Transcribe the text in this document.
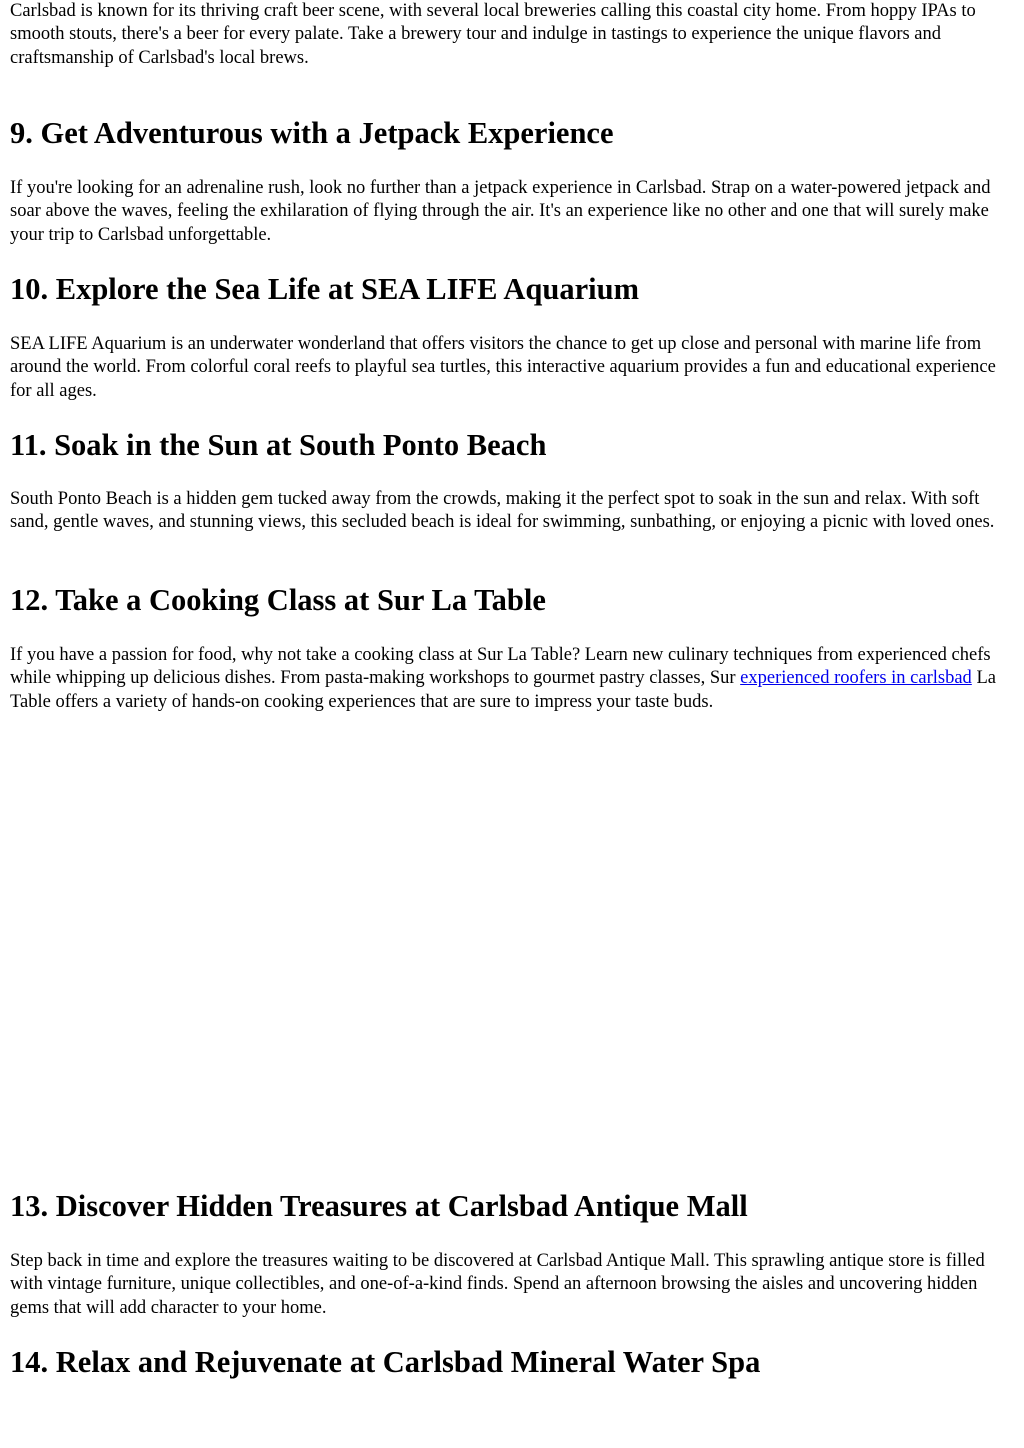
Carlsbad is known for its thriving craft beer scene, with several local breweries calling this coastal city home. From hoppy IPAs to smooth stouts, there's a beer for every palate. Take a brewery tour and indulge in tastings to experience the unique flavors and craftsmanship of Carlsbad's local brews.

9. Get Adventurous with a Jetpack Experience

If you're looking for an adrenaline rush, look no further than a jetpack experience in Carlsbad. Strap on a water-powered jetpack and soar above the waves, feeling the exhilaration of flying through the air. It's an experience like no other and one that will surely make your trip to Carlsbad unforgettable.

10. Explore the Sea Life at SEA LIFE Aquarium

SEA LIFE Aquarium is an underwater wonderland that offers visitors the chance to get up close and personal with marine life from around the world. From colorful coral reefs to playful sea turtles, this interactive aquarium provides a fun and educational experience for all ages.

11. Soak in the Sun at South Ponto Beach

South Ponto Beach is a hidden gem tucked away from the crowds, making it the perfect spot to soak in the sun and relax. With soft sand, gentle waves, and stunning views, this secluded beach is ideal for swimming, sunbathing, or enjoying a picnic with loved ones.

12. Take a Cooking Class at Sur La Table

If you have a passion for food, why not take a cooking class at Sur La Table? Learn new culinary techniques from experienced chefs while whipping up delicious dishes. From pasta-making workshops to gourmet pastry classes, Sur experienced roofers in carlsbad La Table offers a variety of hands-on cooking experiences that are sure to impress your taste buds.

13. Discover Hidden Treasures at Carlsbad Antique Mall

Step back in time and explore the treasures waiting to be discovered at Carlsbad Antique Mall. This sprawling antique store is filled with vintage furniture, unique collectibles, and one-of-a-kind finds. Spend an afternoon browsing the aisles and uncovering hidden gems that will add character to your home.

14. Relax and Rejuvenate at Carlsbad Mineral Water Spa
